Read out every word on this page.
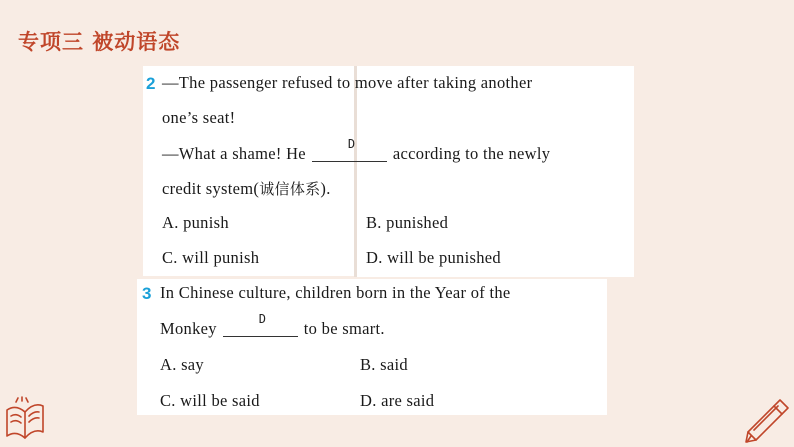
专项三 被动语态
2 —The passenger refused to move after taking another
one’s seat!
—What a shame! He	D according to the newly
credit system(诚信体系).
A. punish	B. punished
C. will punish	D. will be punished
3 In Chinese culture, children born in the Year of the
Monkey	D to be smart.
A. say	B. said
C. will be said	D. are said
